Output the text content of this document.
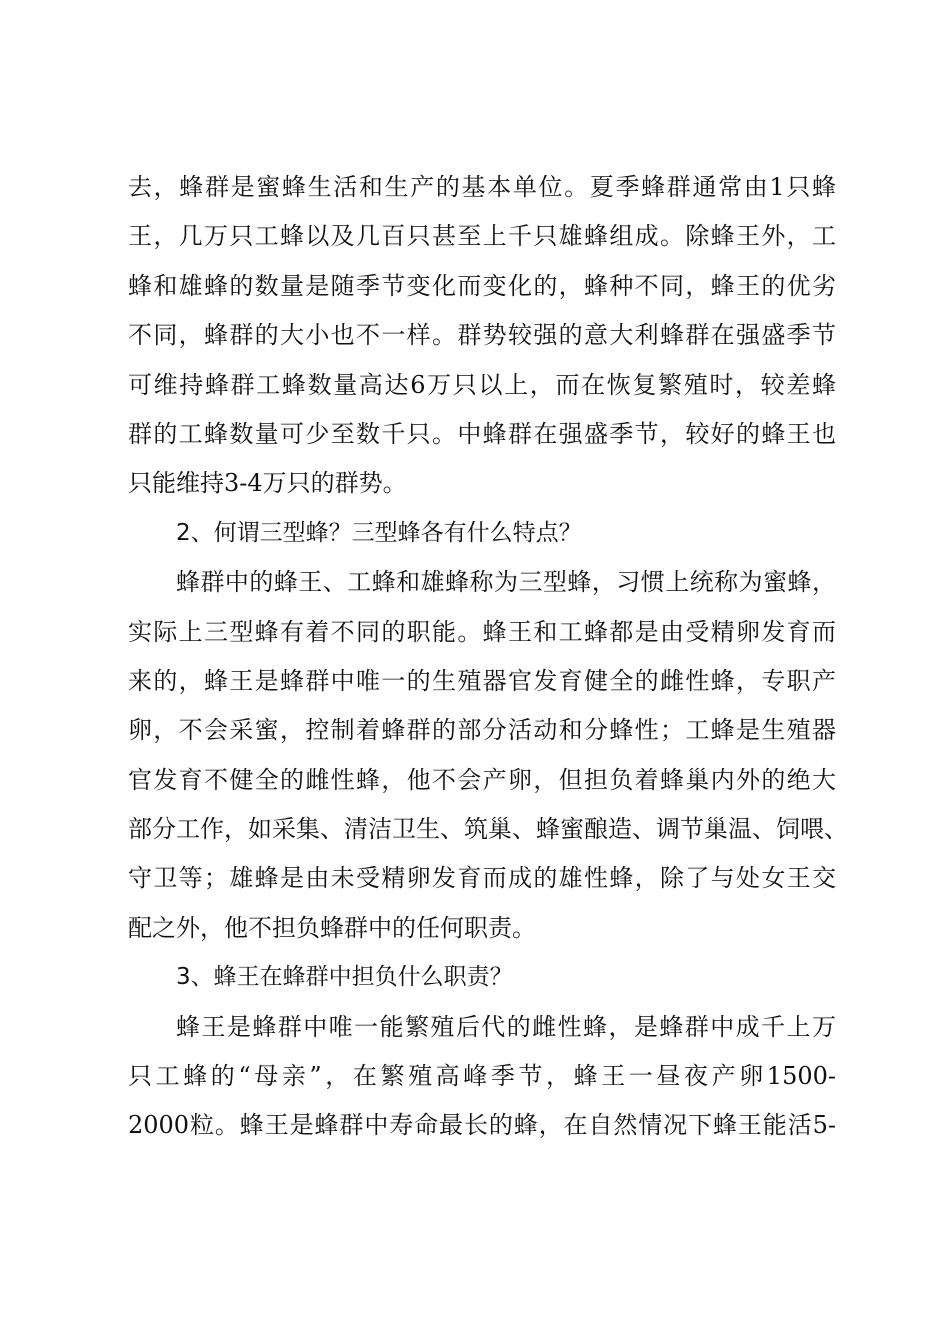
去，蜂群是蜜蜂生活和生产的基本单位。夏季蜂群通常由1只蜂
王，几万只工蜂以及几百只甚至上千只雄蜂组成。除蜂王外，工
蜂和雄蜂的数量是随季节变化而变化的，蜂种不同，蜂王的优劣
不同，蜂群的大小也不一样。群势较强的意大利蜂群在强盛季节
可维持蜂群工蜂数量高达6万只以上，而在恢复繁殖时，较差蜂
群的工蜂数量可少至数千只。中蜂群在强盛季节，较好的蜂王也
只能维持3-4万只的群势。
2、何谓三型蜂？三型蜂各有什么特点？
蜂群中的蜂王、工蜂和雄蜂称为三型蜂，习惯上统称为蜜蜂，
实际上三型蜂有着不同的职能。蜂王和工蜂都是由受精卵发育而
来的，蜂王是蜂群中唯一的生殖器官发育健全的雌性蜂，专职产
卵，不会采蜜，控制着蜂群的部分活动和分蜂性；工蜂是生殖器
官发育不健全的雌性蜂，他不会产卵，但担负着蜂巢内外的绝大
部分工作，如采集、清洁卫生、筑巢、蜂蜜酿造、调节巢温、饲喂、
守卫等；雄蜂是由未受精卵发育而成的雄性蜂，除了与处女王交
配之外，他不担负蜂群中的任何职责。
3、蜂王在蜂群中担负什么职责？
蜂王是蜂群中唯一能繁殖后代的雌性蜂，是蜂群中成千上万
只工蜂的“母亲”，在繁殖高峰季节，蜂王一昼夜产卵1500-
2000粒。蜂王是蜂群中寿命最长的蜂，在自然情况下蜂王能活5-
